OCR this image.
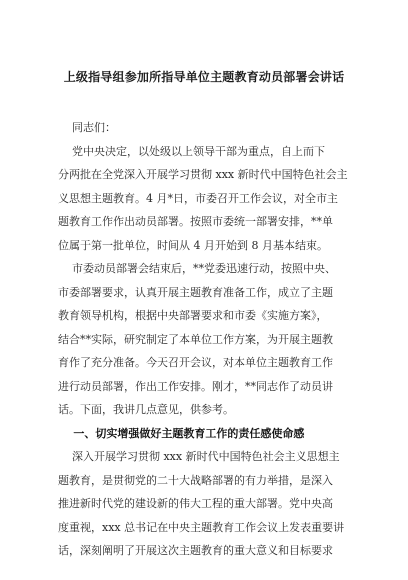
上级指导组参加所指导单位主题教育动员部署会讲话
同志们：
党中央决定，以处级以上领导干部为重点，自上而下
分两批在全党深入开展学习贯彻 xxx 新时代中国特色社会主
义思想主题教育。4 月*日，市委召开工作会议，对全市主
题教育工作作出动员部署。按照市委统一部署安排，**单
位属于第一批单位，时间从 4 月开始到 8 月基本结束。
市委动员部署会结束后，**党委迅速行动，按照中央、
市委部署要求，认真开展主题教育准备工作，成立了主题
教育领导机构，根据中央部署要求和市委《实施方案》，
结合**实际，研究制定了本单位工作方案，为开展主题教
育作了充分准备。今天召开会议，对本单位主题教育工作
进行动员部署，作出工作安排。刚才，**同志作了动员讲
话。下面，我讲几点意见，供参考。
一、切实增强做好主题教育工作的责任感使命感
深入开展学习贯彻 xxx 新时代中国特色社会主义思想主
题教育，是贯彻党的二十大战略部署的有力举措，是深入
推进新时代党的建设新的伟大工程的重大部署。党中央高
度重视，xxx 总书记在中央主题教育工作会议上发表重要讲
话，深刻阐明了开展这次主题教育的重大意义和目标要求
